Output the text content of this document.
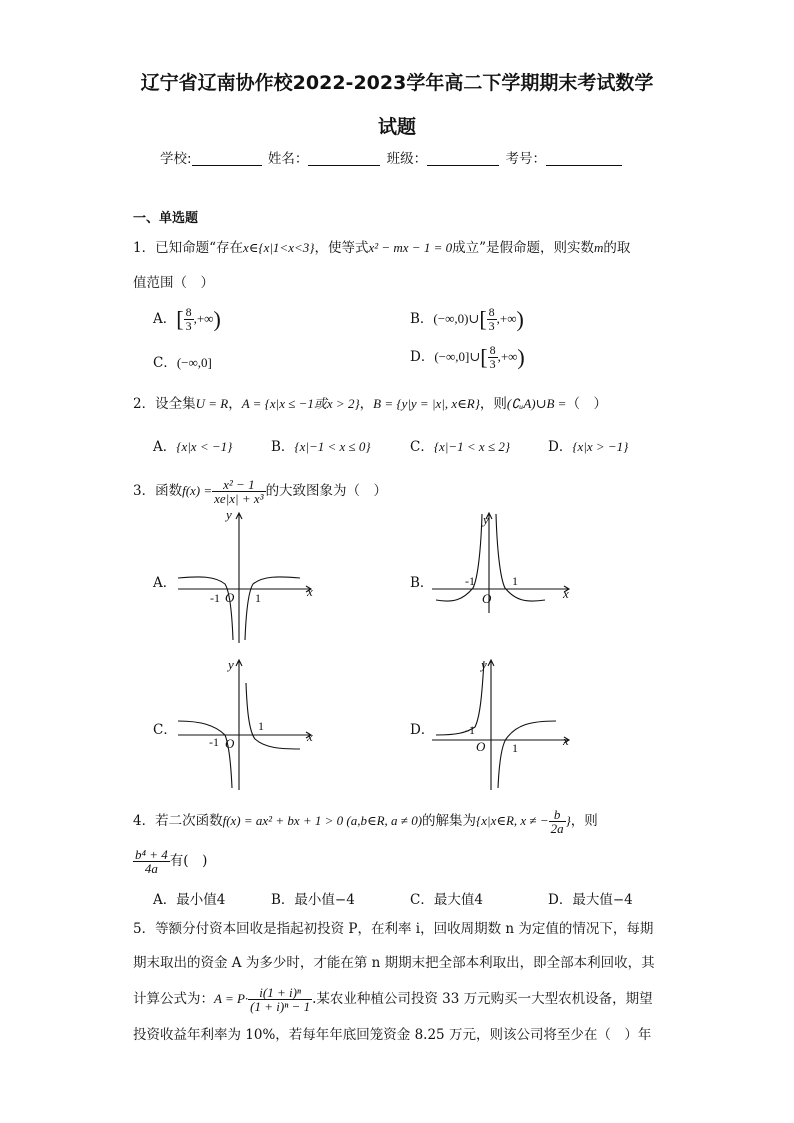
辽宁省辽南协作校2022-2023学年高二下学期期末考试数学
试题
学校:	姓名：	班级：	考号：
一、单选题
1．已知命题“存在x∈{x|1<x<3}，使等式x² − mx − 1 = 0成立”是假命题，则实数m的取
值范围（　）
A．[ $\frac{8}{3}$ ,+∞)	B．(−∞,0)∪[ $\frac{8}{3}$ ,+∞)
C．(−∞,0]	D．(−∞,0]∪[ $\frac{8}{3}$ ,+∞)
2．设全集U = R，A = {x|x ≤ −1或x > 2}，B = {y|y = |x|, x∈R}，则(∁ᵤA)∪B =（　）
A．{x|x < −1}	B．{x|−1 < x ≤ 0}	C．{x|−1 < x ≤ 2}	D．{x|x > −1}
3．函数$f(x) = \frac{\text{x² − 1}}{\text{xe|x| + x³}}$ 的大致图象为（　）
A．	B．
C．	D．
x
y
O
-1	1	x
y
O
-1	1
x
y
O
-1
1
x
y
O
-1
1
4．若二次函数f(x) = ax² + bx + 1 > 0 (a,b∈R, a ≠ 0)的解集为{x|x∈R, x ≠ − $\frac{b}{2a}$ }，则
$\frac{\text{b⁴ + 4}}{4a}$ 有(　)
A．最小值4	B．最小值−4	C．最大值4	D．最大值−4
5．等额分付资本回收是指起初投资 P，在利率 i，回收周期数 n 为定值的情况下，每期
期末取出的资金 A 为多少时，才能在第 n 期期末把全部本利取出，即全部本利回收，其
计算公式为：$A = P\cdot \frac{\text{i(1 + i)ⁿ}}{\text{(1 + i)ⁿ − 1}}$ .某农业种植公司投资 33 万元购买一大型农机设备，期望
投资收益年利率为 10%，若每年年底回笼资金 8.25 万元，则该公司将至少在（　）年
